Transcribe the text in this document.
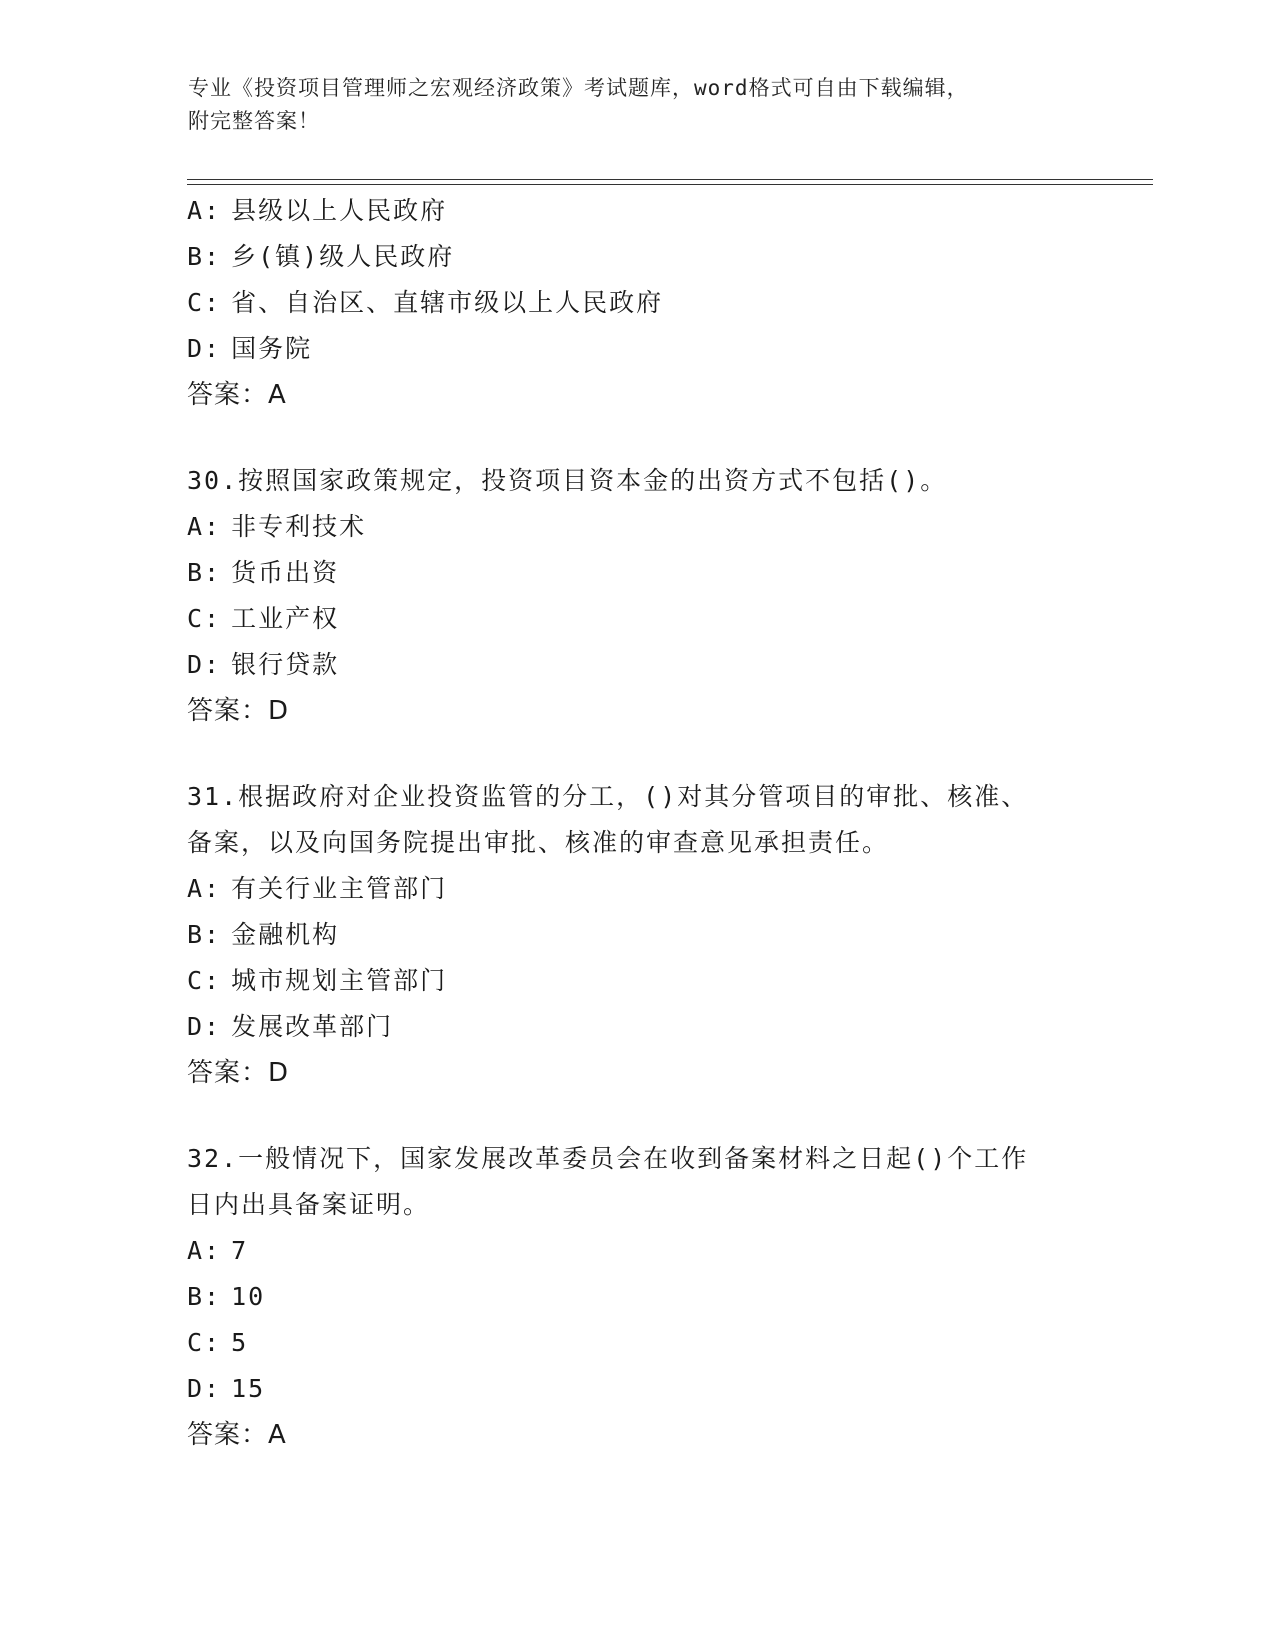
专业《投资项目管理师之宏观经济政策》考试题库，word格式可自由下载编辑，
附完整答案！

A: 县级以上人民政府

B: 乡(镇)级人民政府

C: 省、自治区、直辖市级以上人民政府

D: 国务院

答案：A

30.按照国家政策规定，投资项目资本金的出资方式不包括()。

A: 非专利技术

B: 货币出资

C: 工业产权

D: 银行贷款

答案：D

31.根据政府对企业投资监管的分工，()对其分管项目的审批、核准、

备案，以及向国务院提出审批、核准的审查意见承担责任。

A: 有关行业主管部门

B: 金融机构

C: 城市规划主管部门

D: 发展改革部门

答案：D

32.一般情况下，国家发展改革委员会在收到备案材料之日起()个工作

日内出具备案证明。

A: 7

B: 10

C: 5

D: 15

答案：A
